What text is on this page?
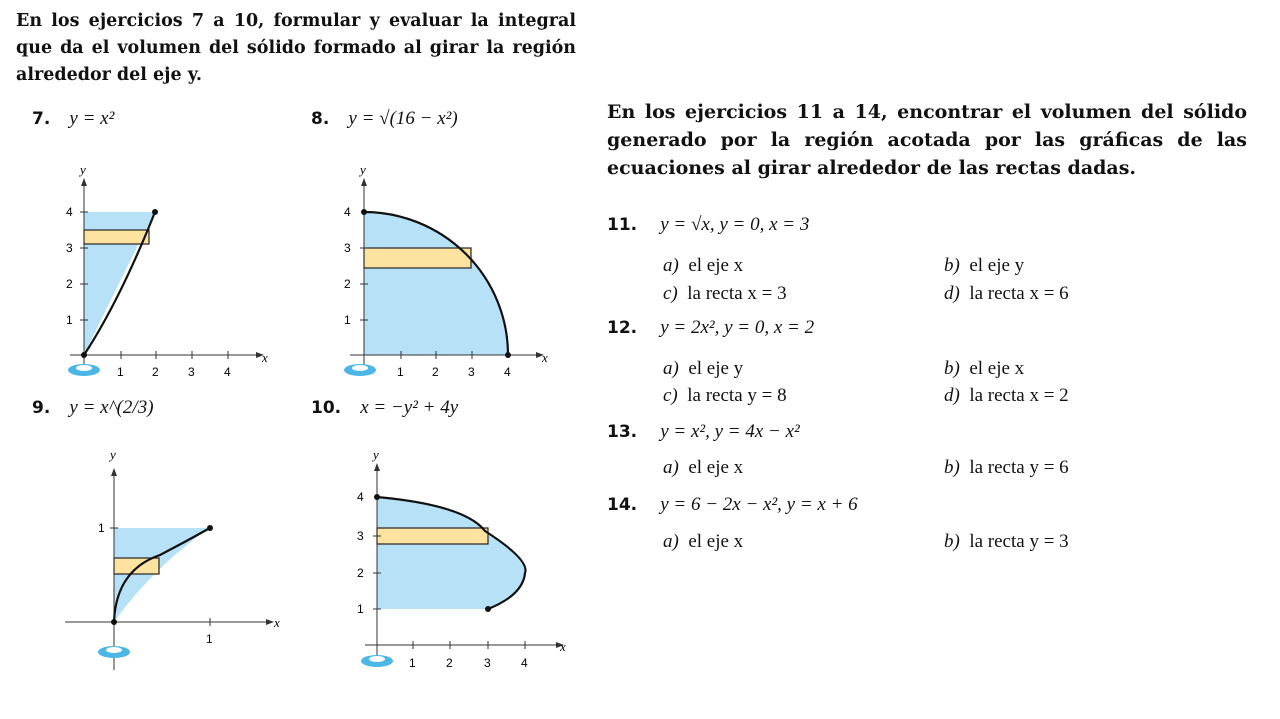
En los ejercicios 7 a 10, formular y evaluar la integral que da el volumen del sólido formado al girar la región alrededor del eje y.
En los ejercicios 11 a 14, encontrar el volumen del sólido generado por la región acotada por las gráficas de las ecuaciones al girar alrededor de las rectas dadas.
7. y = x²	8. y = √(16 − x²)
9. y = x^(2/3)	10. x = −y² + 4y
4
3
2
1
1 2 3 4
y
x
4
3
2
1
1 2 3 4
y
x
1
1
y
x
4
3
2
1
1	2	3	4
y
x
11. y = √x, y = 0, x = 3
a) el eje x	b) el eje y
c) la recta x = 3	d) la recta x = 6
12. y = 2x², y = 0, x = 2
a) el eje y	b) el eje x
c) la recta y = 8	d) la recta x = 2
13. y = x², y = 4x − x²
a) el eje x	b) la recta y = 6
14. y = 6 − 2x − x², y = x + 6
a) el eje x	b) la recta y = 3
